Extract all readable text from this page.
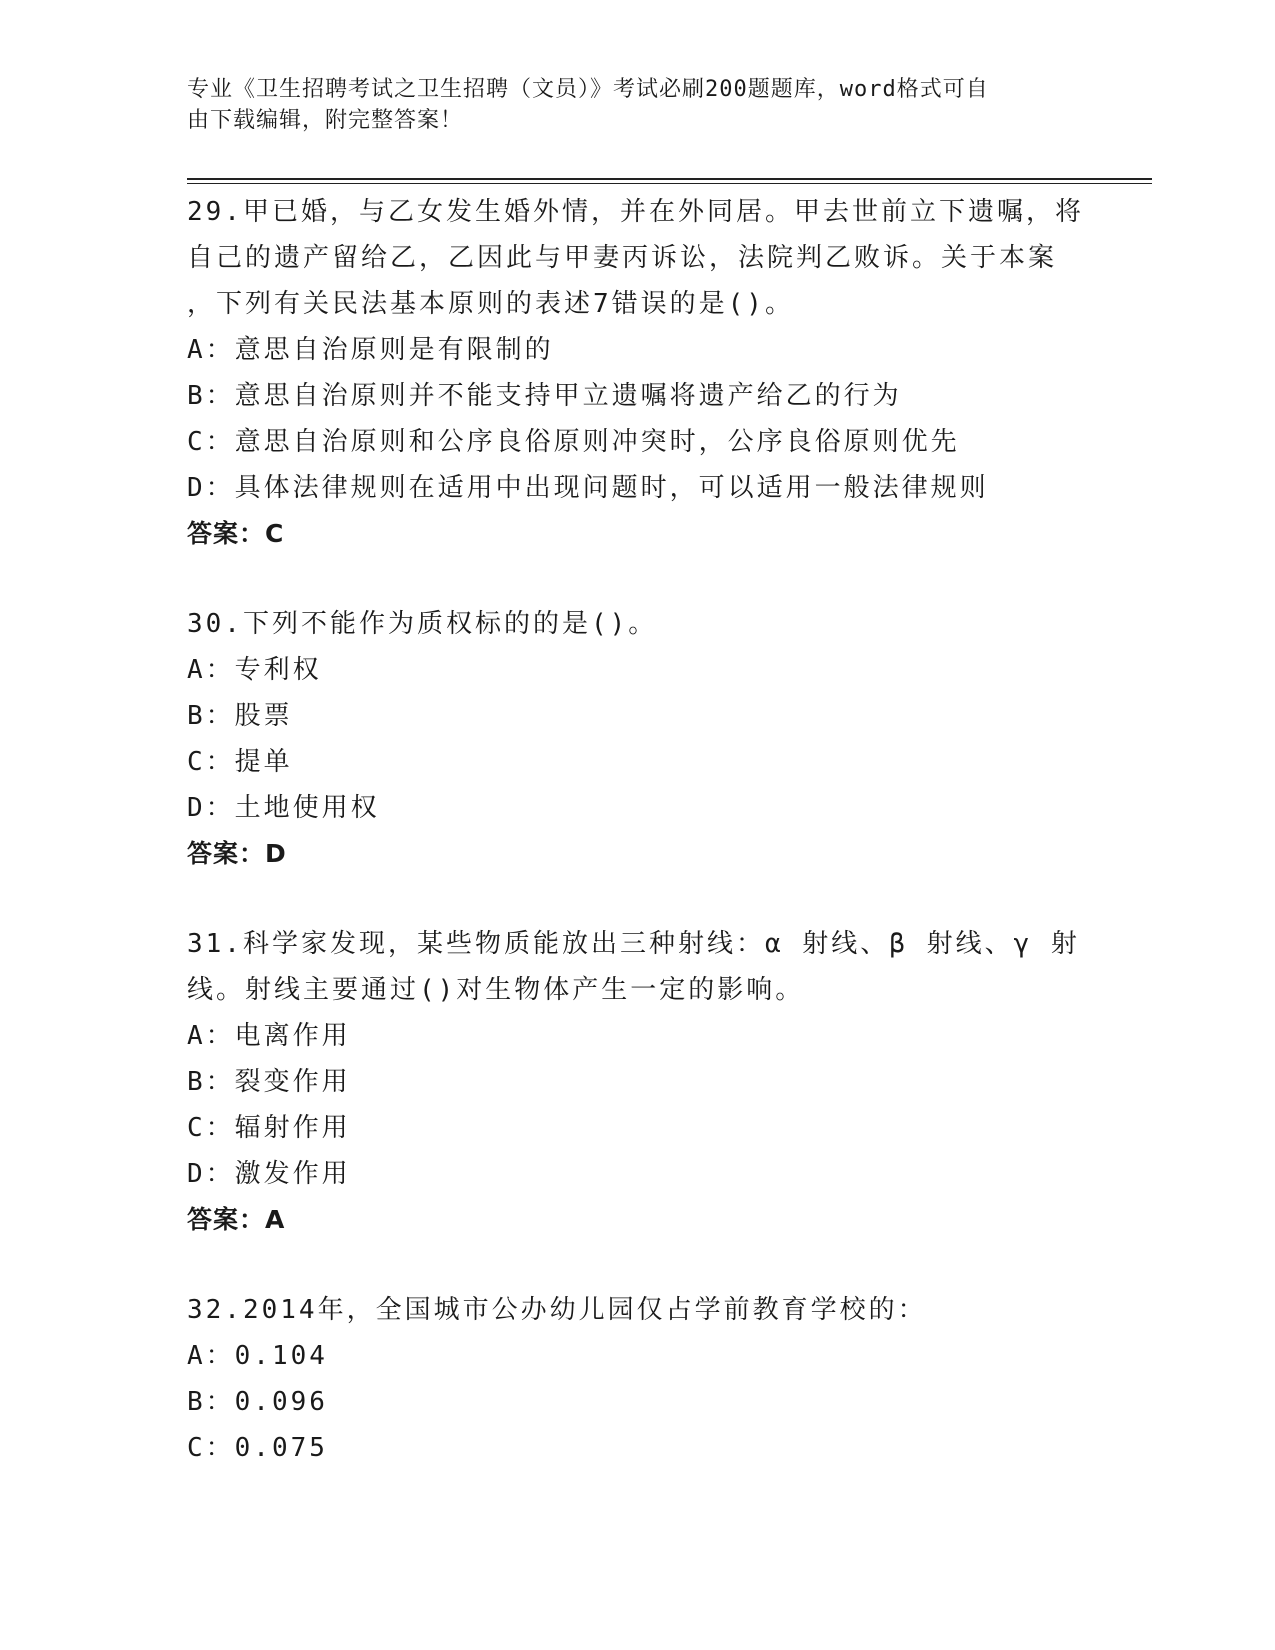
专业《卫生招聘考试之卫生招聘（文员）》考试必刷200题题库，word格式可自
由下载编辑，附完整答案！
29.甲已婚，与乙女发生婚外情，并在外同居。甲去世前立下遗嘱，将
自己的遗产留给乙，乙因此与甲妻丙诉讼，法院判乙败诉。关于本案
，下列有关民法基本原则的表述7错误的是()。
A：意思自治原则是有限制的
B：意思自治原则并不能支持甲立遗嘱将遗产给乙的行为
C：意思自治原则和公序良俗原则冲突时，公序良俗原则优先
D：具体法律规则在适用中出现问题时，可以适用一般法律规则
答案：C
30.下列不能作为质权标的的是()。
A：专利权
B：股票
C：提单
D：土地使用权
答案：D
31.科学家发现，某些物质能放出三种射线：α 射线、β 射线、γ 射
线。射线主要通过()对生物体产生一定的影响。
A：电离作用
B：裂变作用
C：辐射作用
D：激发作用
答案：A
32.2014年，全国城市公办幼儿园仅占学前教育学校的：
A：0.104
B：0.096
C：0.075
